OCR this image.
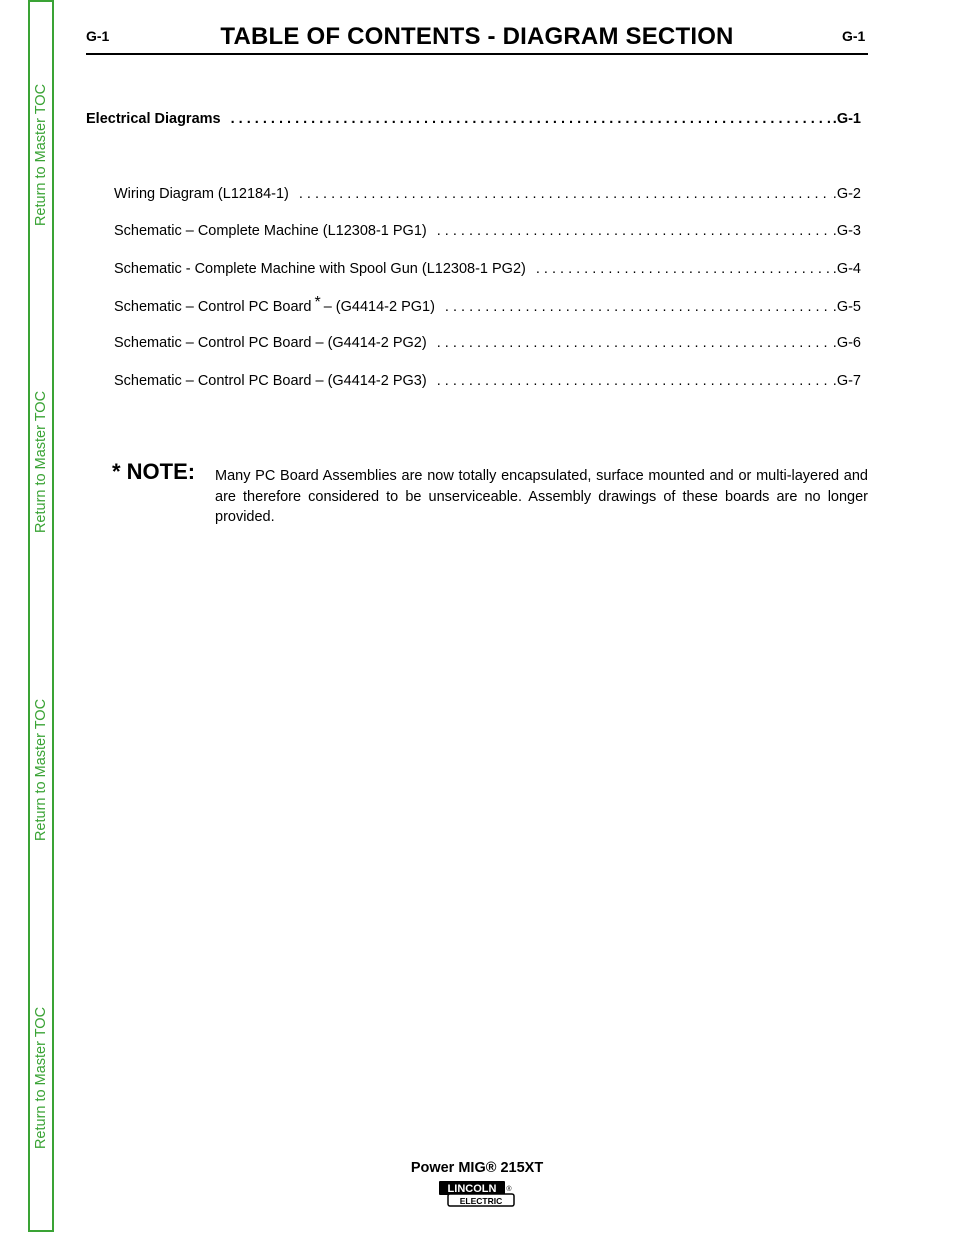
Return to Master TOC
Return to Master TOC
Return to Master TOC
Return to Master TOC
G-1	TABLE OF CONTENTS - DIAGRAM SECTION	G-1
Electrical Diagrams . . .	.G-1
Wiring Diagram (L12184-1) . . .	.G-2
Schematic – Complete Machine (L12308-1 PG1) . . .	.G-3
Schematic - Complete Machine with Spool Gun (L12308-1 PG2) . . .	.G-4
Schematic – Control PC Board * – (G4414-2 PG1) . . .	.G-5
Schematic – Control PC Board – (G4414-2 PG2) . . .	.G-6
Schematic – Control PC Board – (G4414-2 PG3) . . .	.G-7
* NOTE: Many PC Board Assemblies are now totally encapsulated, surface mounted and or multi-layered and are therefore considered to be unserviceable. Assembly drawings of these boards are no longer provided.
Power MIG® 215XT
LINCOLN
ELECTRIC
®
